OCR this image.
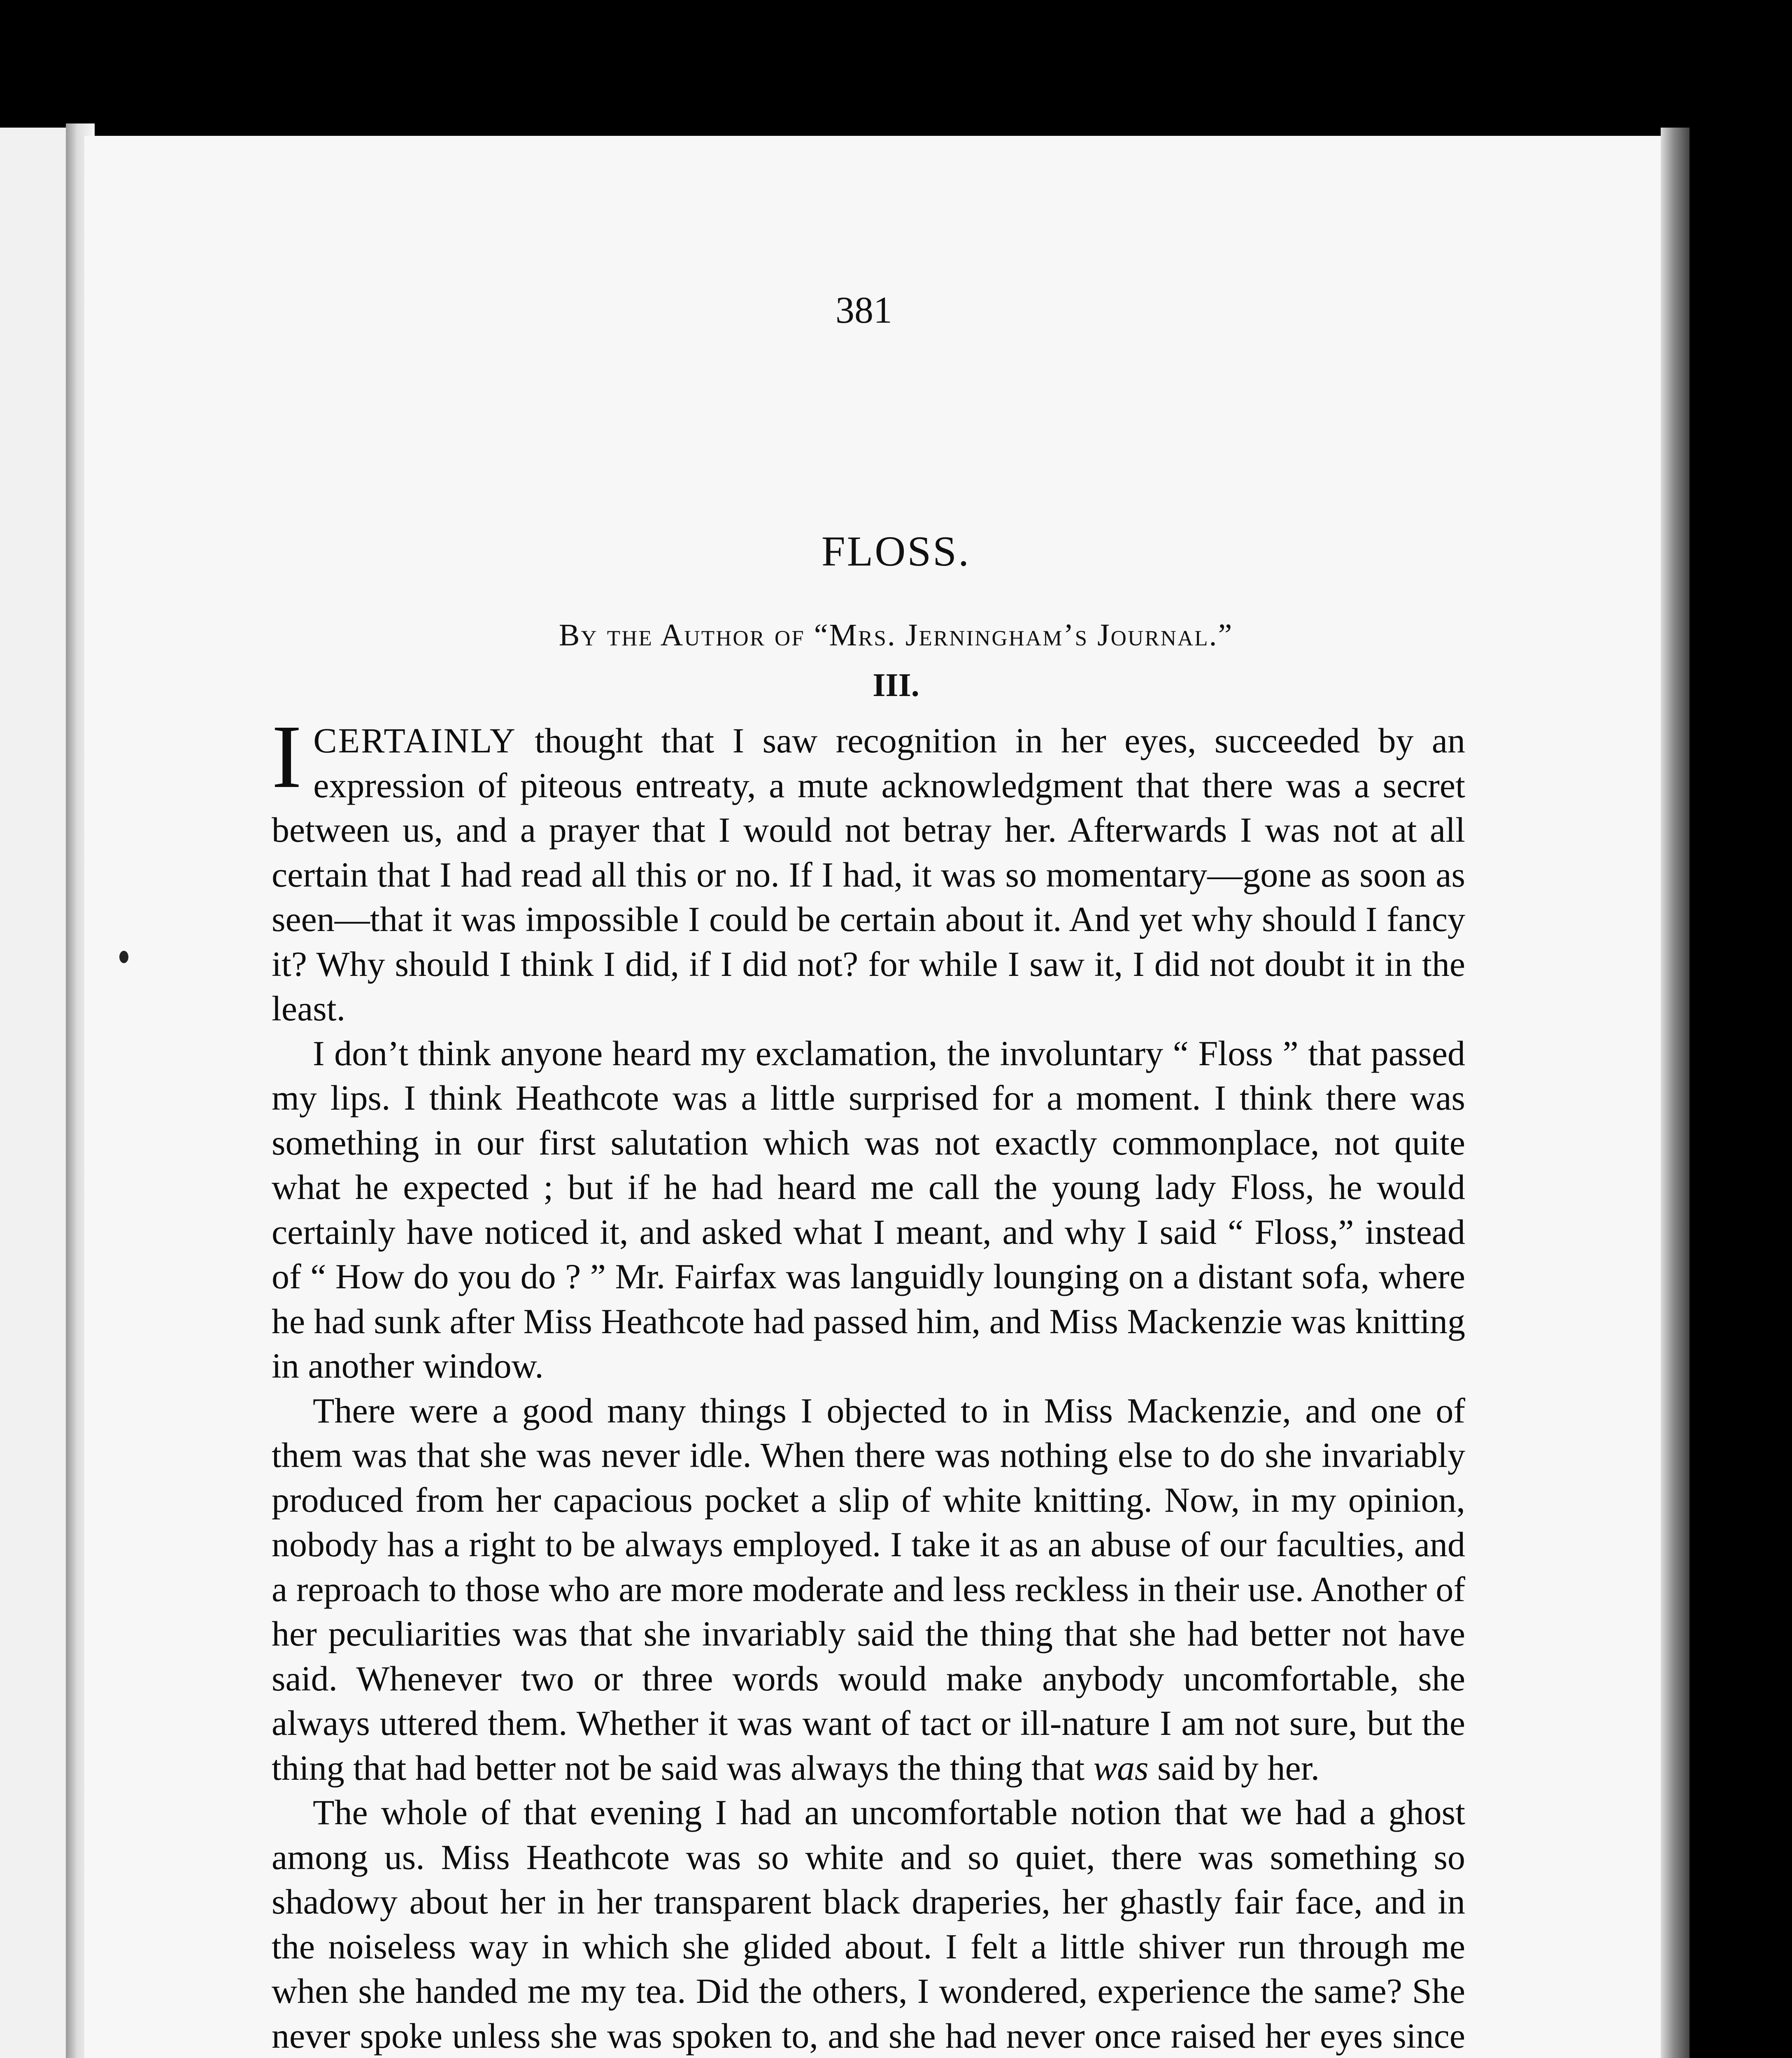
381
FLOSS.
By the Author of “Mrs. Jerningham’s Journal.”
III.

ICERTAINLY thought that I saw recognition in her eyes, succeeded by an expression of piteous entreaty, a mute acknowledgment that there was a secret between us, and a prayer that I would not betray her. Afterwards I was not at all certain that I had read all this or no. If I had, it was so momentary—gone as soon as seen—that it was impossible I could be certain about it. And yet why should I fancy it? Why should I think I did, if I did not? for while I saw it, I did not doubt it in the least.

I don’t think anyone heard my exclamation, the involuntary “ Floss ” that passed my lips. I think Heathcote was a little surprised for a moment. I think there was something in our first salutation which was not exactly commonplace, not quite what he expected ; but if he had heard me call the young lady Floss, he would certainly have noticed it, and asked what I meant, and why I said “ Floss,” instead of “ How do you do ? ” Mr. Fairfax was languidly lounging on a distant sofa, where he had sunk after Miss Heathcote had passed him, and Miss Mackenzie was knitting in another window.

There were a good many things I objected to in Miss Mackenzie, and one of them was that she was never idle. When there was nothing else to do she invariably produced from her capacious pocket a slip of white knitting. Now, in my opinion, nobody has a right to be always employed. I take it as an abuse of our faculties, and a reproach to those who are more moderate and less reckless in their use. Another of her peculiarities was that she invariably said the thing that she had better not have said. Whenever two or three words would make anybody uncomfortable, she always uttered them. Whether it was want of tact or ill-nature I am not sure, but the thing that had better not be said was always the thing that was said by her.

The whole of that evening I had an uncomfortable notion that we had a ghost among us. Miss Heathcote was so white and so quiet, there was something so shadowy about her in her transparent black draperies, her ghastly fair face, and in the noiseless way in which she glided about. I felt a little shiver run through me when she handed me my tea. Did the others, I wondered, experience the same? She never spoke unless she was spoken to, and she had never once raised her eyes since
